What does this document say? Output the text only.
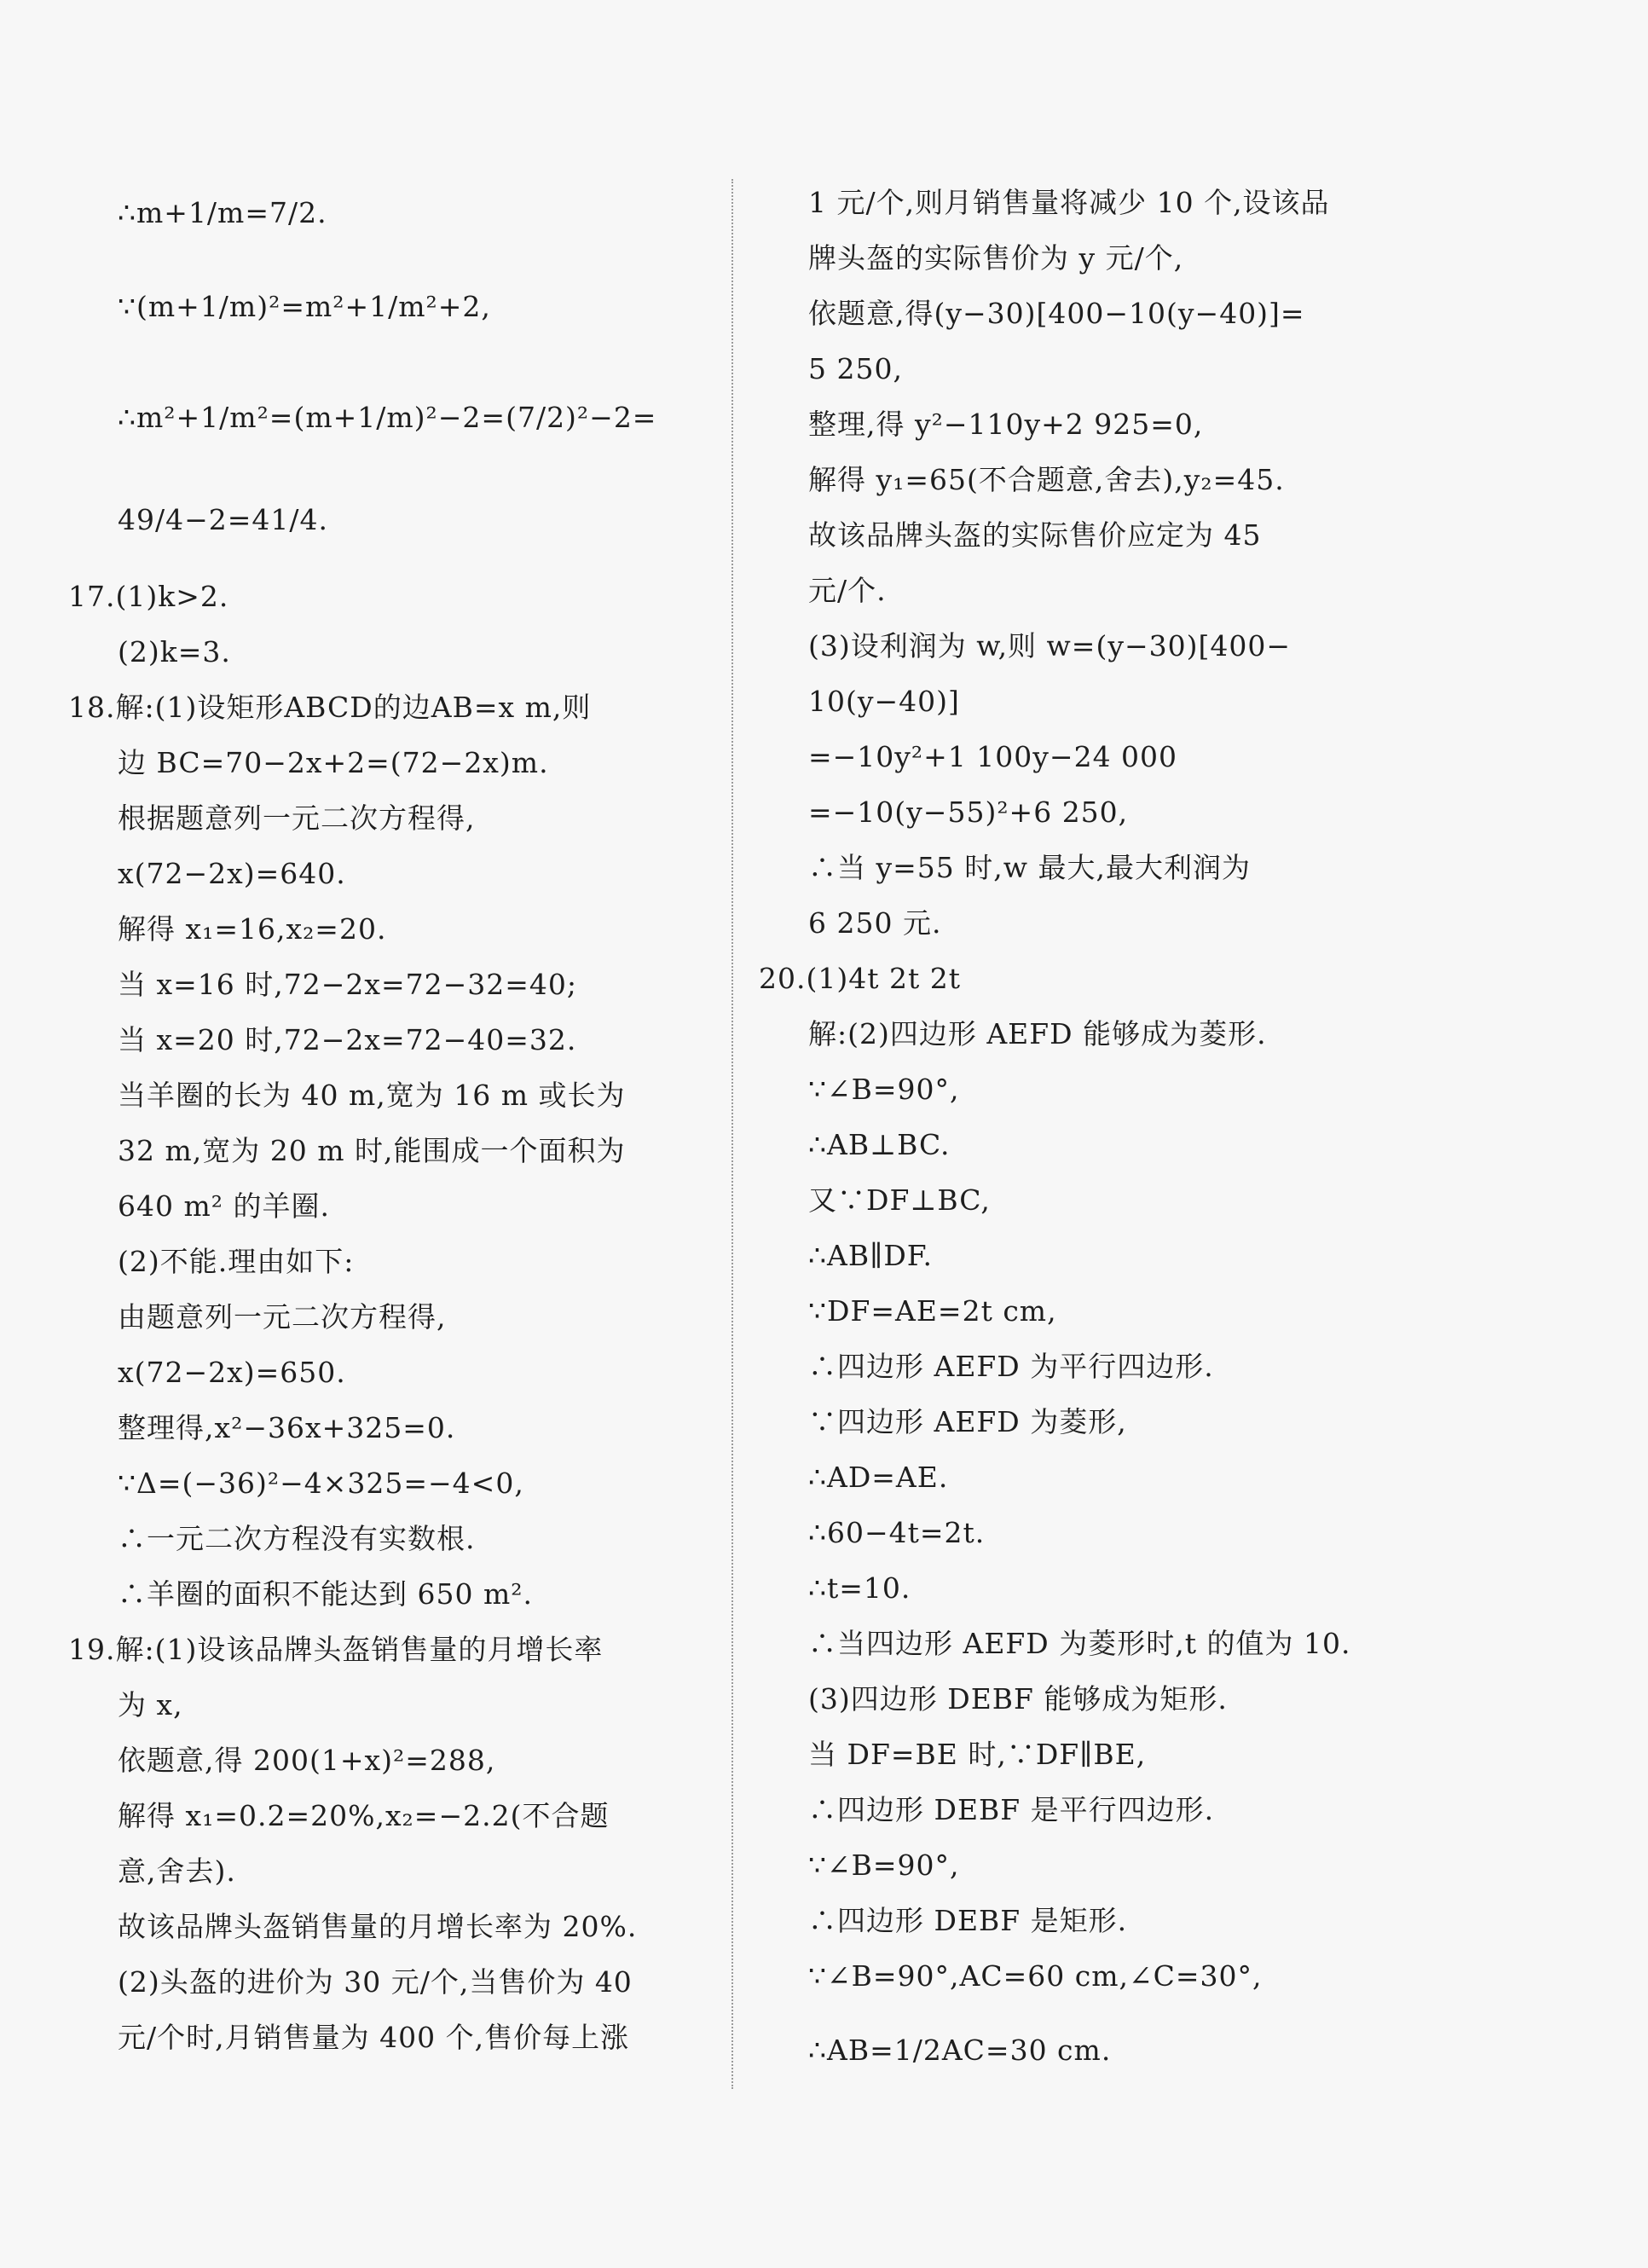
∴m+1/m=7/2.
∵(m+1/m)²=m²+1/m²+2,
∴m²+1/m²=(m+1/m)²−2=(7/2)²−2=
49/4−2=41/4.
17.(1)k>2.
(2)k=3.
18.解:(1)设矩形ABCD的边AB=x m,则
边 BC=70−2x+2=(72−2x)m.
根据题意列一元二次方程得,
x(72−2x)=640.
解得 x₁=16,x₂=20.
当 x=16 时,72−2x=72−32=40;
当 x=20 时,72−2x=72−40=32.
当羊圈的长为 40 m,宽为 16 m 或长为
32 m,宽为 20 m 时,能围成一个面积为
640 m² 的羊圈.
(2)不能.理由如下:
由题意列一元二次方程得,
x(72−2x)=650.
整理得,x²−36x+325=0.
∵Δ=(−36)²−4×325=−4<0,
∴一元二次方程没有实数根.
∴羊圈的面积不能达到 650 m².
19.解:(1)设该品牌头盔销售量的月增长率
为 x,
依题意,得 200(1+x)²=288,
解得 x₁=0.2=20%,x₂=−2.2(不合题
意,舍去).
故该品牌头盔销售量的月增长率为 20%.
(2)头盔的进价为 30 元/个,当售价为 40
元/个时,月销售量为 400 个,售价每上涨
1 元/个,则月销售量将减少 10 个,设该品
牌头盔的实际售价为 y 元/个,
依题意,得(y−30)[400−10(y−40)]=
5 250,
整理,得 y²−110y+2 925=0,
解得 y₁=65(不合题意,舍去),y₂=45.
故该品牌头盔的实际售价应定为 45
元/个.
(3)设利润为 w,则 w=(y−30)[400−
10(y−40)]
=−10y²+1 100y−24 000
=−10(y−55)²+6 250,
∴当 y=55 时,w 最大,最大利润为
6 250 元.
20.(1)4t 2t 2t
解:(2)四边形 AEFD 能够成为菱形.
∵∠B=90°,
∴AB⊥BC.
又∵DF⊥BC,
∴AB∥DF.
∵DF=AE=2t cm,
∴四边形 AEFD 为平行四边形.
∵四边形 AEFD 为菱形,
∴AD=AE.
∴60−4t=2t.
∴t=10.
∴当四边形 AEFD 为菱形时,t 的值为 10.
(3)四边形 DEBF 能够成为矩形.
当 DF=BE 时,∵DF∥BE,
∴四边形 DEBF 是平行四边形.
∵∠B=90°,
∴四边形 DEBF 是矩形.
∵∠B=90°,AC=60 cm,∠C=30°,
∴AB=1/2AC=30 cm.
